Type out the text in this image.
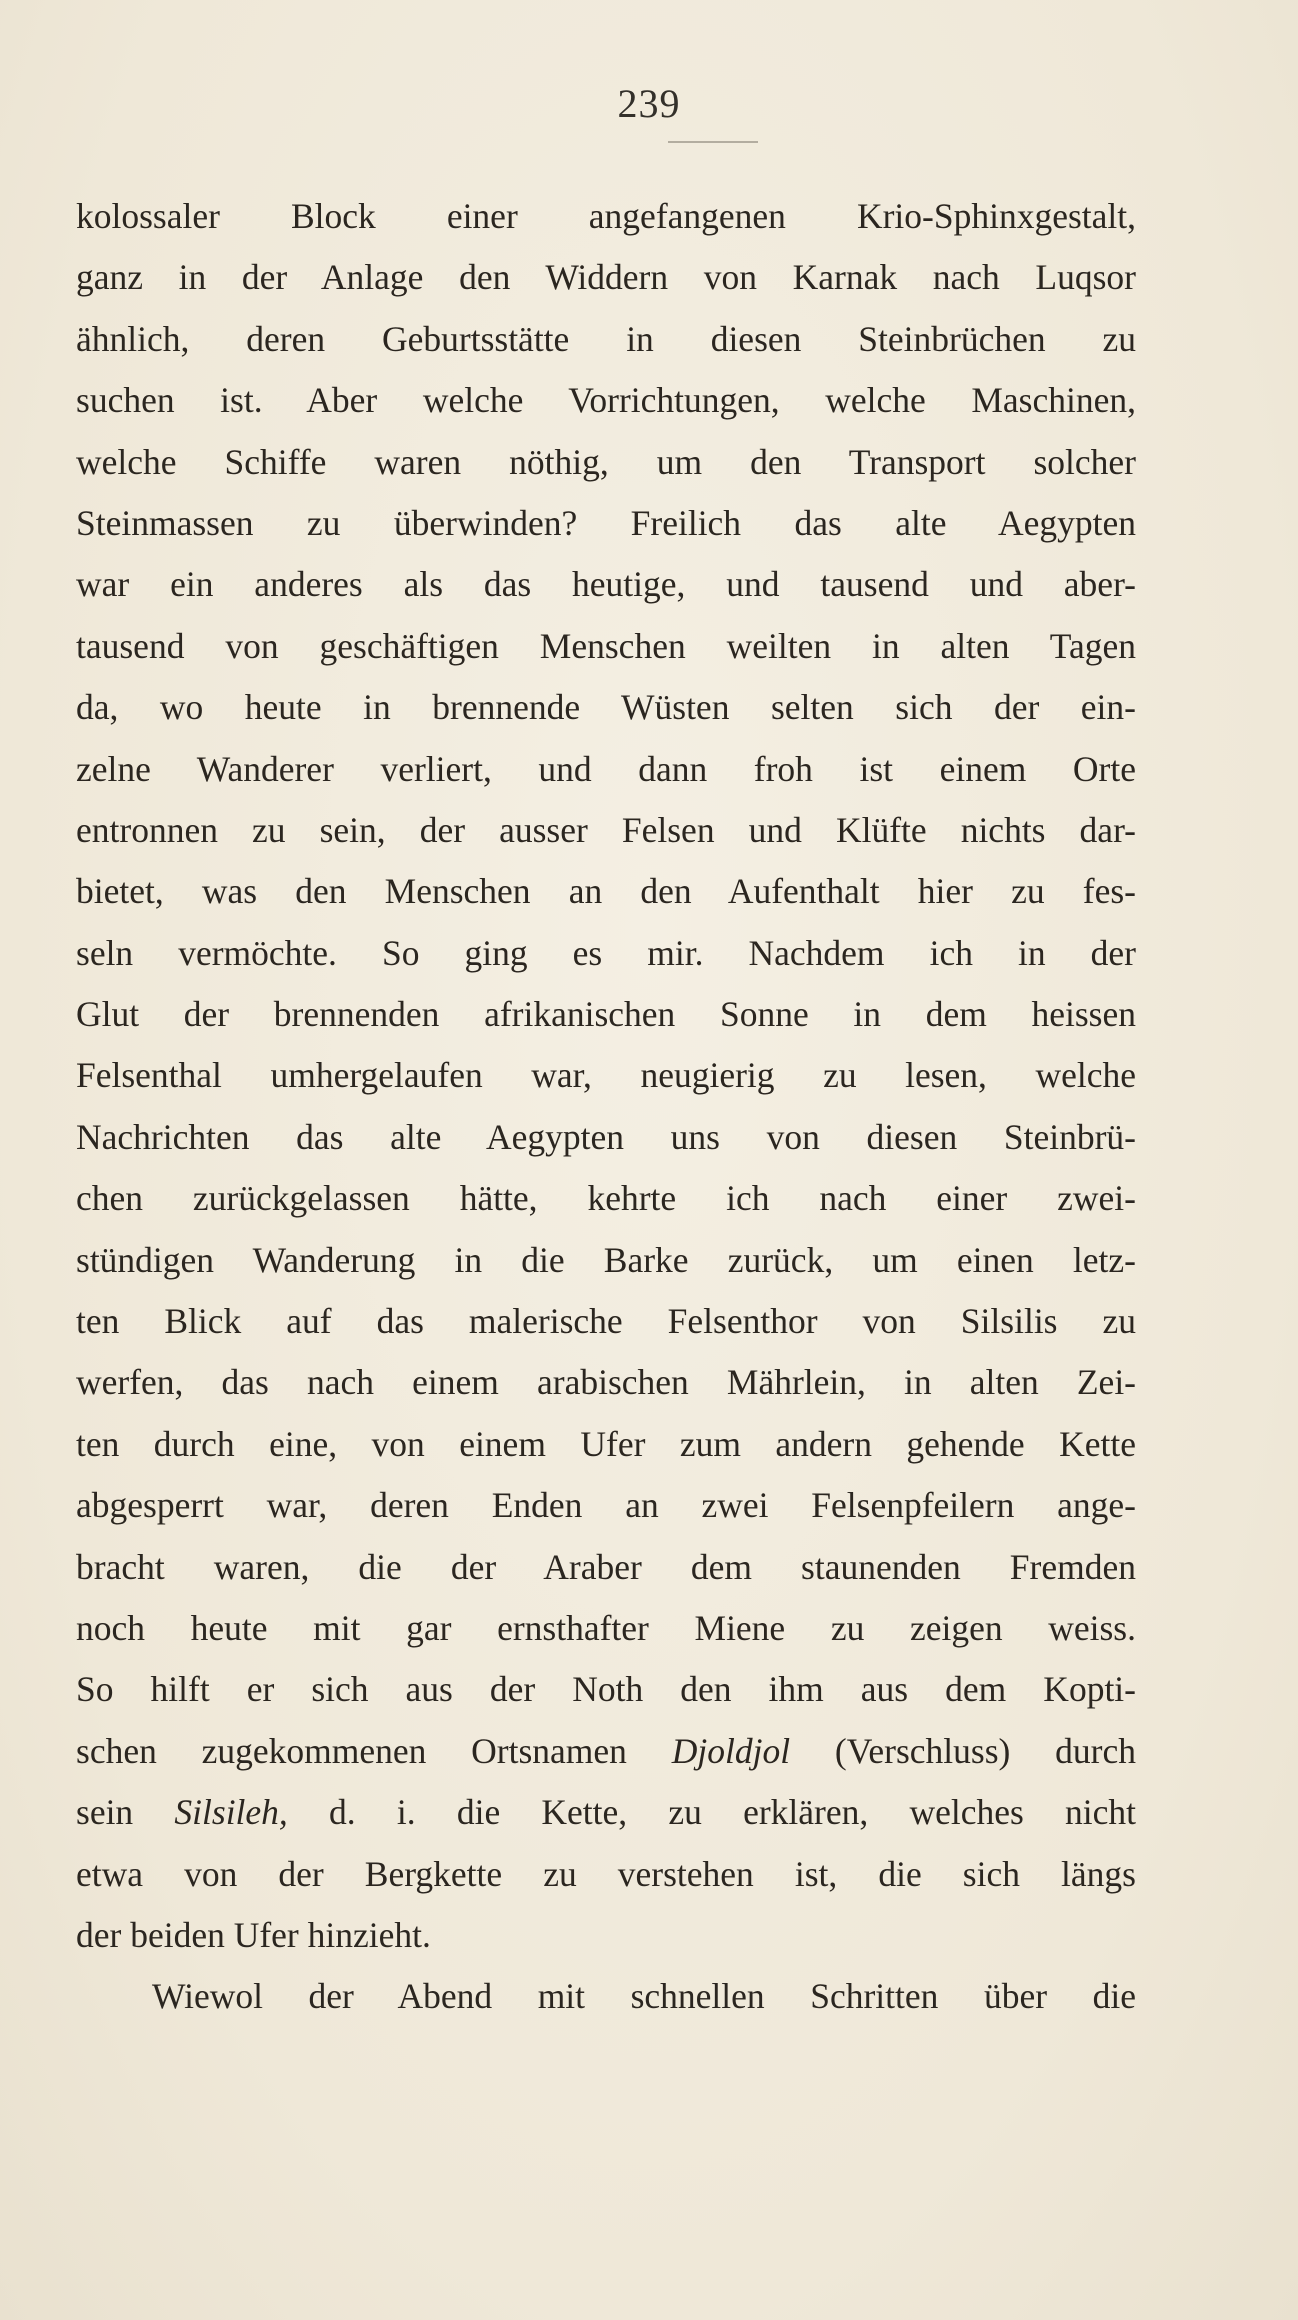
239
kolossaler Block einer angefangenen Krio-Sphinxgestalt,
ganz in der Anlage den Widdern von Karnak nach Luqsor
ähnlich, deren Geburtsstätte in diesen Steinbrüchen zu
suchen ist. Aber welche Vorrichtungen, welche Maschinen,
welche Schiffe waren nöthig, um den Transport solcher
Steinmassen zu überwinden? Freilich das alte Aegypten
war ein anderes als das heutige, und tausend und aber-
tausend von geschäftigen Menschen weilten in alten Tagen
da, wo heute in brennende Wüsten selten sich der ein-
zelne Wanderer verliert, und dann froh ist einem Orte
entronnen zu sein, der ausser Felsen und Klüfte nichts dar-
bietet, was den Menschen an den Aufenthalt hier zu fes-
seln vermöchte. So ging es mir. Nachdem ich in der
Glut der brennenden afrikanischen Sonne in dem heissen
Felsenthal umhergelaufen war, neugierig zu lesen, welche
Nachrichten das alte Aegypten uns von diesen Steinbrü-
chen zurückgelassen hätte, kehrte ich nach einer zwei-
stündigen Wanderung in die Barke zurück, um einen letz-
ten Blick auf das malerische Felsenthor von Silsilis zu
werfen, das nach einem arabischen Mährlein, in alten Zei-
ten durch eine, von einem Ufer zum andern gehende Kette
abgesperrt war, deren Enden an zwei Felsenpfeilern ange-
bracht waren, die der Araber dem staunenden Fremden
noch heute mit gar ernsthafter Miene zu zeigen weiss.
So hilft er sich aus der Noth den ihm aus dem Kopti-
schen zugekommenen Ortsnamen Djoldjol (Verschluss) durch
sein Silsileh, d. i. die Kette, zu erklären, welches nicht
etwa von der Bergkette zu verstehen ist, die sich längs
der beiden Ufer hinzieht.
Wiewol der Abend mit schnellen Schritten über die
